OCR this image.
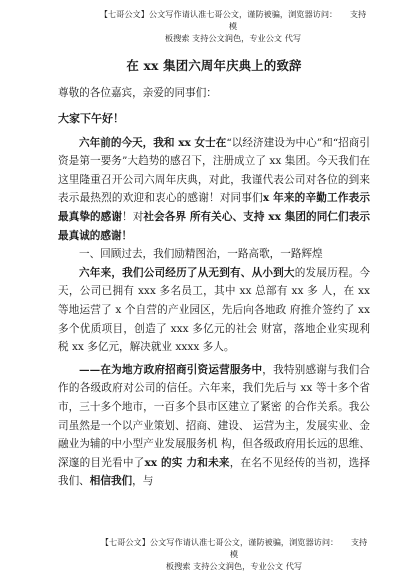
【七哥公文】公文写作请认准七哥公文，谨防被骗，浏览器访问： 支持模
板搜索 支持公文润色，专业公文 代写
在 xx 集团六周年庆典上的致辞

尊敬的各位嘉宾，亲爱的同事们：

大家下午好！

六年前的今天，我和 xx 女士在“以经济建设为中心”和“招商引资是第一要务”大趋势的感召下，注册成立了 xx 集团。今天我们在这里隆重召开公司六周年庆典，对此，我谨代表公司对各位的到来表示最热烈的欢迎和衷心的感谢！对同事们x 年来的辛勤工作表示最真挚的感谢！对社会各界 所有关心、支持 xx 集团的同仁们表示最真诚的感谢！

一、回顾过去，我们励精图治，一路高歌，一路辉煌

六年来，我们公司经历了从无到有、从小到大的发展历程。今天，公司已拥有 xxx 多名员工，其中 xx 总部有 xx 多 人，在 xx 等地运营了 x 个自营的产业园区，先后向各地政 府推介签约了 xx 多个优质项目，创造了 xxx 多亿元的社会 财富，落地企业实现利税 xx 多亿元，解决就业 xxxx 多人。

——在为地方政府招商引资运营服务中，我特别感谢与我们合作的各级政府对公司的信任。六年来，我们先后与 xx 等十多个省市，三十多个地市，一百多个县市区建立了紧密 的合作关系。我公司虽然是一个以产业策划、招商、建设、 运营为主，发展实业、金融业为辅的中小型产业发展服务机 构，但各级政府用长远的思维、深邃的目光看中了xx 的实 力和未来，在名不见经传的当初，选择我们、相信我们，与

【七哥公文】公文写作请认准七哥公文，谨防被骗，浏览器访问： 支持模
板搜索 支持公文润色，专业公文 代写
